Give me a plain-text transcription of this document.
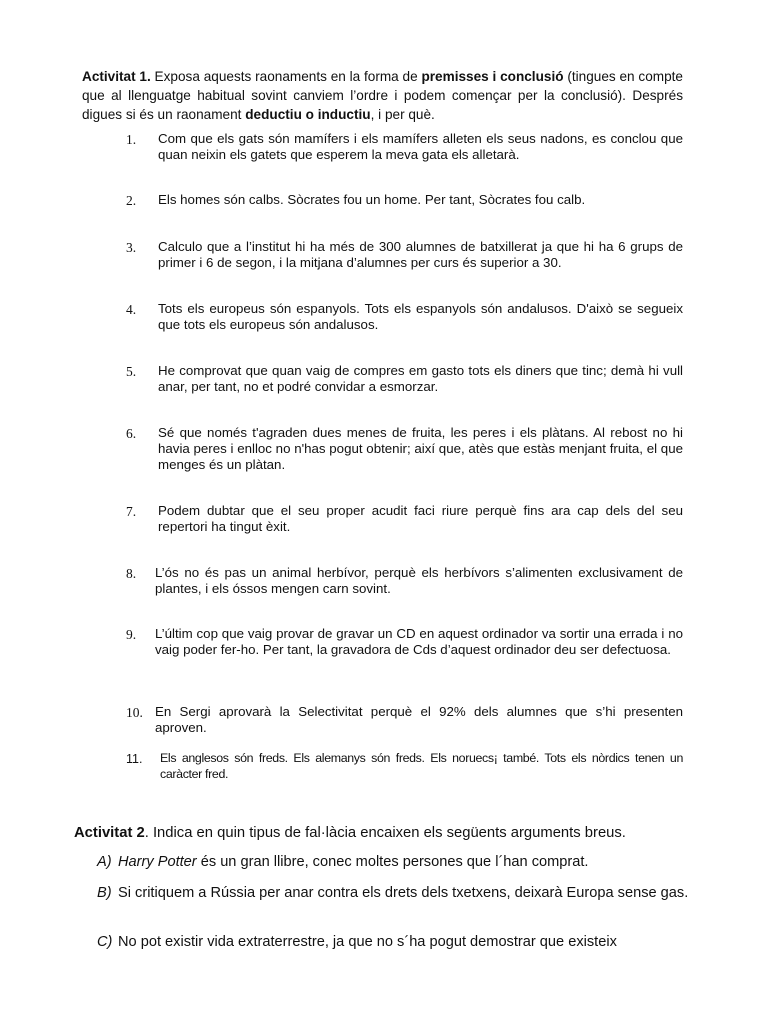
Activitat 1. Exposa aquests raonaments en la forma de premisses i conclusió (tingues en compte que al llenguatge habitual sovint canviem l’ordre i podem començar per la conclusió). Després digues si és un raonament deductiu o inductiu, i per què.

1.	Com que els gats són mamífers i els mamífers alleten els seus nadons, es conclou que quan neixin els gatets que esperem la meva gata els alletarà.
2.	Els homes són calbs. Sòcrates fou un home. Per tant, Sòcrates fou calb.
3.	Calculo que a l’institut hi ha més de 300 alumnes de batxillerat ja que hi ha 6 grups de primer i 6 de segon, i la mitjana d’alumnes per curs és superior a 30.
4.	Tots els europeus són espanyols. Tots els espanyols són andalusos. D'això se segueix que tots els europeus són andalusos.
5.	He comprovat que quan vaig de compres em gasto tots els diners que tinc; demà hi vull anar, per tant, no et podré convidar a esmorzar.
6.	Sé que només t'agraden dues menes de fruita, les peres i els plàtans. Al rebost no hi havia peres i enlloc no n'has pogut obtenir; així que, atès que estàs menjant fruita, el que menges és un plàtan.
7.	Podem dubtar que el seu proper acudit faci riure perquè fins ara cap dels del seu repertori ha tingut èxit.
8.	L’ós no és pas un animal herbívor, perquè els herbívors s’alimenten exclusivament de plantes, i els óssos mengen carn sovint.
9.	L’últim cop que vaig provar de gravar un CD en aquest ordinador va sortir una errada i no vaig poder fer-ho. Per tant, la gravadora de Cds d’aquest ordinador deu ser defectuosa.
10. En Sergi aprovarà la Selectivitat perquè el 92% dels alumnes que s’hi presenten aproven.
11.	Els anglesos són freds. Els alemanys són freds. Els noruecs¡ també. Tots els nòrdics tenen un caràcter fred.

Activitat 2. Indica en quin tipus de fal·làcia encaixen els següents arguments breus.

A) Harry Potter és un gran llibre, conec moltes persones que l´han comprat.
B) Si critiquem a Rússia per anar contra els drets dels txetxens, deixarà Europa sense gas.
C) No pot existir vida extraterrestre, ja que no s´ha pogut demostrar que existeix
